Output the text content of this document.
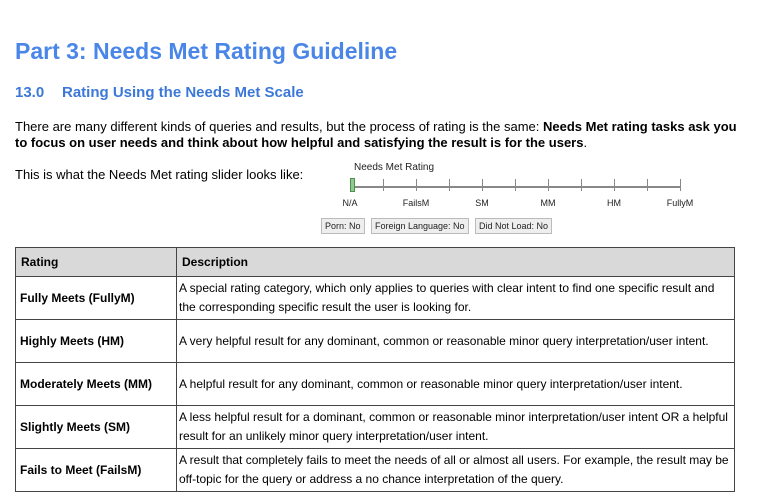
Part 3: Needs Met Rating Guideline
13.0 Rating Using the Needs Met Scale
There are many different kinds of queries and results, but the process of rating is the same: Needs Met rating tasks ask you to focus on user needs and think about how helpful and satisfying the result is for the users.
This is what the Needs Met rating slider looks like:	Needs Met Rating
N/A	FailsM	SM	MM	HM	FullyM
Porn: No Foreign Language: No Did Not Load: No
Rating	Description
Fully Meets (FullyM)	A special rating category, which only applies to queries with clear intent to find one specific result and the corresponding specific result the user is looking for.
Highly Meets (HM)	A very helpful result for any dominant, common or reasonable minor query interpretation/user intent.
Moderately Meets (MM)	A helpful result for any dominant, common or reasonable minor query interpretation/user intent.
Slightly Meets (SM)	A less helpful result for a dominant, common or reasonable minor interpretation/user intent OR a helpful result for an unlikely minor query interpretation/user intent.
Fails to Meet (FailsM)	A result that completely fails to meet the needs of all or almost all users. For example, the result may be off-topic for the query or address a no chance interpretation of the query.
